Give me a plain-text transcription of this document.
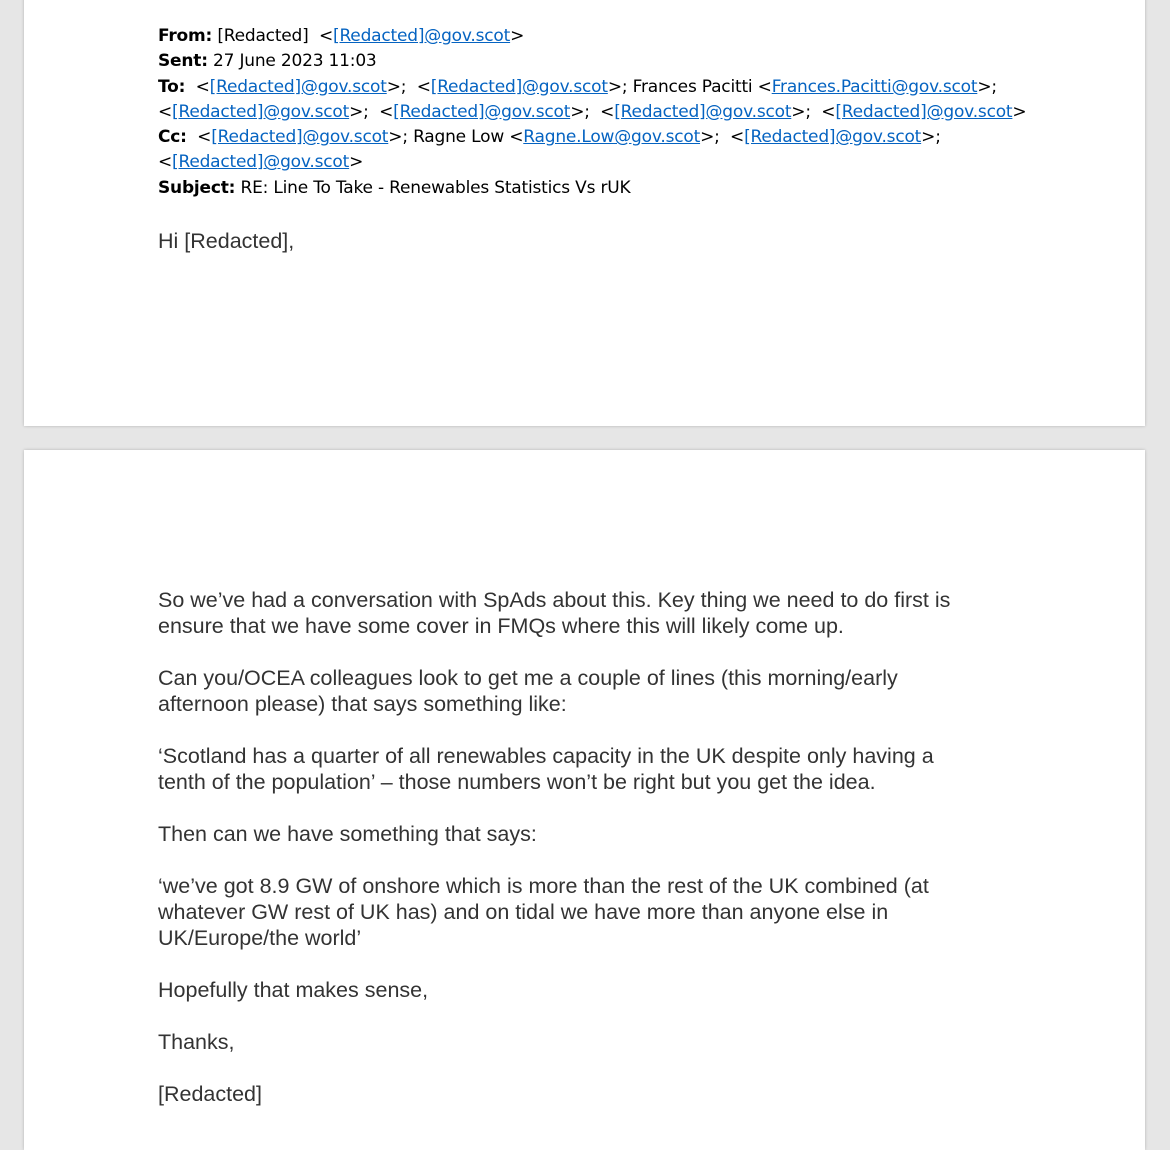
From: [Redacted]  <[Redacted]@gov.scot>
Sent: 27 June 2023 11:03
To:  <[Redacted]@gov.scot>;  <[Redacted]@gov.scot>; Frances Pacitti <Frances.Pacitti@gov.scot>;
<[Redacted]@gov.scot>;  <[Redacted]@gov.scot>;  <[Redacted]@gov.scot>;  <[Redacted]@gov.scot>
Cc:  <[Redacted]@gov.scot>; Ragne Low <Ragne.Low@gov.scot>;  <[Redacted]@gov.scot>;
<[Redacted]@gov.scot>
Subject: RE: Line To Take - Renewables Statistics Vs rUK
Hi [Redacted],

So we’ve had a conversation with SpAds about this. Key thing we need to do first is
ensure that we have some cover in FMQs where this will likely come up.

Can you/OCEA colleagues look to get me a couple of lines (this morning/early
afternoon please) that says something like:

‘Scotland has a quarter of all renewables capacity in the UK despite only having a
tenth of the population’ – those numbers won’t be right but you get the idea.

Then can we have something that says:

‘we’ve got 8.9 GW of onshore which is more than the rest of the UK combined (at
whatever GW rest of UK has) and on tidal we have more than anyone else in
UK/Europe/the world’

Hopefully that makes sense,

Thanks,

[Redacted]
